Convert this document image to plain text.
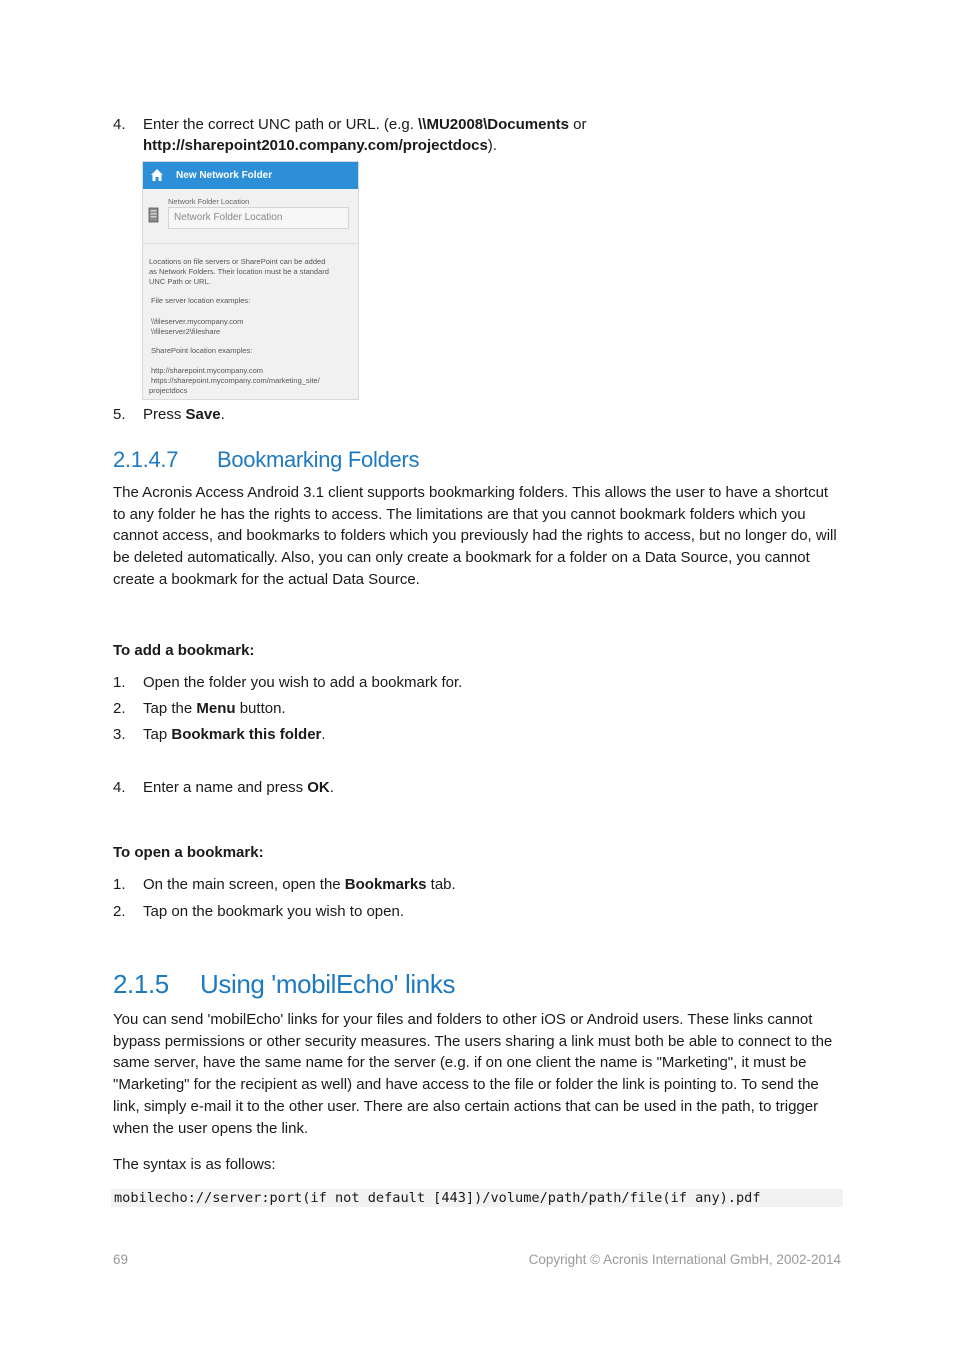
4. Enter the correct UNC path or URL. (e.g. \\MU2008\Documents or
http://sharepoint2010.company.com/projectdocs).
New Network Folder
Network Folder Location
Network Folder Location
Locations on file servers or SharePoint can be added
as Network Folders. Their location must be a standard
UNC Path or URL.
File server location examples:
\\fileserver.mycompany.com
\\fileserver2\fileshare
SharePoint location examples:
http://sharepoint.mycompany.com
https://sharepoint.mycompany.com/marketing_site/
projectdocs
5. Press Save.
2.1.4.7 Bookmarking Folders
The Acronis Access Android 3.1 client supports bookmarking folders. This allows the user to have a shortcut to any folder he has the rights to access. The limitations are that you cannot bookmark folders which you cannot access, and bookmarks to folders which you previously had the rights to access, but no longer do, will be deleted automatically. Also, you can only create a bookmark for a folder on a Data Source, you cannot create a bookmark for the actual Data Source.
To add a bookmark:
1. Open the folder you wish to add a bookmark for.
2. Tap the Menu button.
3. Tap Bookmark this folder.
4. Enter a name and press OK.
To open a bookmark:
1. On the main screen, open the Bookmarks tab.
2. Tap on the bookmark you wish to open.
2.1.5 Using 'mobilEcho' links
You can send 'mobilEcho' links for your files and folders to other iOS or Android users. These links cannot bypass permissions or other security measures. The users sharing a link must both be able to connect to the same server, have the same name for the server (e.g. if on one client the name is "Marketing", it must be "Marketing" for the recipient as well) and have access to the file or folder the link is pointing to. To send the link, simply e-mail it to the other user. There are also certain actions that can be used in the path, to trigger when the user opens the link.
The syntax is as follows:
mobilecho://server:port(if not default [443])/volume/path/path/file(if any).pdf
69	Copyright © Acronis International GmbH, 2002-2014
